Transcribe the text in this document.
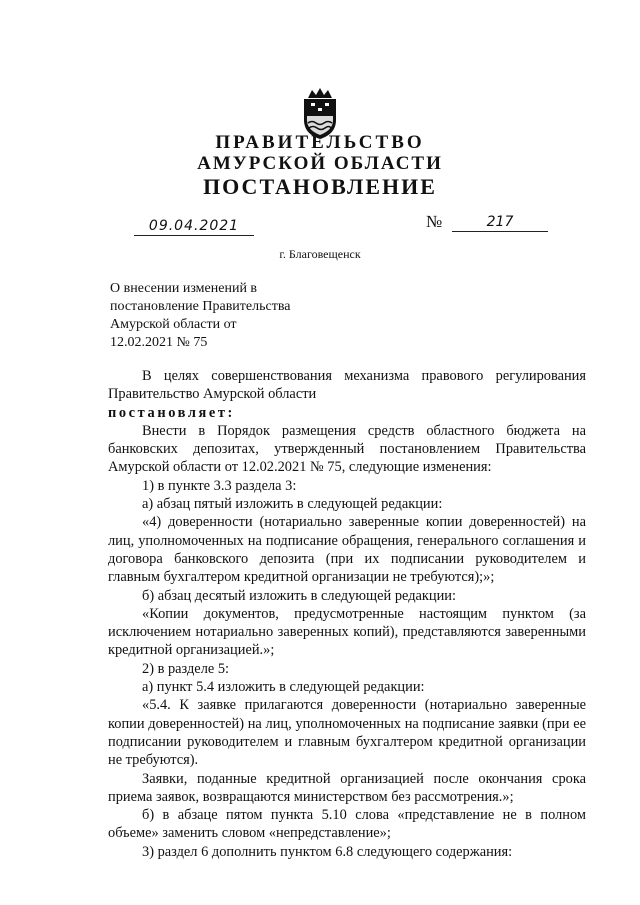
ПРАВИТЕЛЬСТВО
АМУРСКОЙ ОБЛАСТИ
ПОСТАНОВЛЕНИЕ
09.04.2021	№	217
г. Благовещенск
О внесении изменений в
постановление Правительства
Амурской области от
12.02.2021 № 75

В целях совершенствования механизма правового регулирования Правительство Амурской области

постановляет:

Внести в Порядок размещения средств областного бюджета на банковских депозитах, утвержденный постановлением Правительства Амурской области от 12.02.2021 № 75, следующие изменения:

1) в пункте 3.3 раздела 3:

а) абзац пятый изложить в следующей редакции:

«4) доверенности (нотариально заверенные копии доверенностей) на лиц, уполномоченных на подписание обращения, генерального соглашения и договора банковского депозита (при их подписании руководителем и главным бухгалтером кредитной организации не требуются);»;

б) абзац десятый изложить в следующей редакции:

«Копии документов, предусмотренные настоящим пунктом (за исключением нотариально заверенных копий), представляются заверенными кредитной организацией.»;

2) в разделе 5:

а) пункт 5.4 изложить в следующей редакции:

«5.4. К заявке прилагаются доверенности (нотариально заверенные копии доверенностей) на лиц, уполномоченных на подписание заявки (при ее подписании руководителем и главным бухгалтером кредитной организации не требуются).

Заявки, поданные кредитной организацией после окончания срока приема заявок, возвращаются министерством без рассмотрения.»;

б) в абзаце пятом пункта 5.10 слова «представление не в полном объеме» заменить словом «непредставление»;

3) раздел 6 дополнить пунктом 6.8 следующего содержания:
